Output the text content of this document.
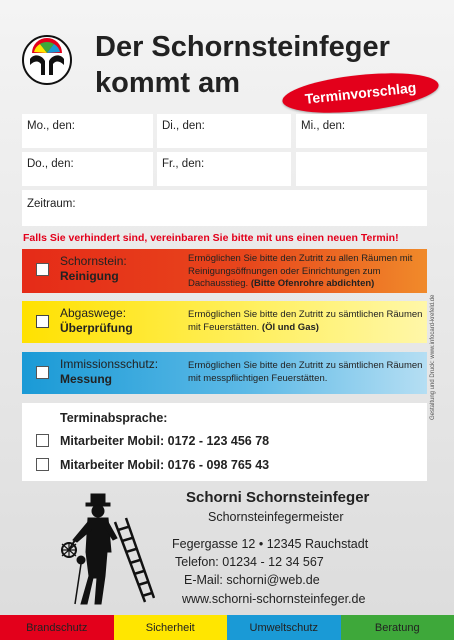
Der Schornsteinfeger
kommt am	Terminvorschlag
Mo., den:	Di., den:	Mi., den:
Do., den:	Fr., den:
Zeitraum:
Falls Sie verhindert sind, vereinbaren Sie bitte mit uns einen neuen Termin!
Schornstein:
Reinigung
Ermöglichen Sie bitte den Zutritt zu allen Räumen mit Reinigungsöffnungen oder Einrichtungen zum Dachausstieg. (Bitte Ofenrohre abdichten)
Abgaswege:
Überprüfung
Ermöglichen Sie bitte den Zutritt zu sämtlichen Räumen mit Feuerstätten. (Öl und Gas)
Immissionsschutz:
Messung
Ermöglichen Sie bitte den Zutritt zu sämtlichen Räumen mit messpflichtigen Feuerstätten.
Terminabsprache:
Mitarbeiter Mobil: 0172 - 123 456 78
Mitarbeiter Mobil: 0176 - 098 765 43
Gestaltung und Druck: www.infocard-krefeld.de
Schorni Schornsteinfeger
Schornsteinfegermeister
Fegergasse 12 • 12345 Rauchstadt
Telefon: 01234 - 12 34 567
E-Mail: schorni@web.de
www.schorni-schornsteinfeger.de
Brandschutz	Sicherheit	Umweltschutz	Beratung
